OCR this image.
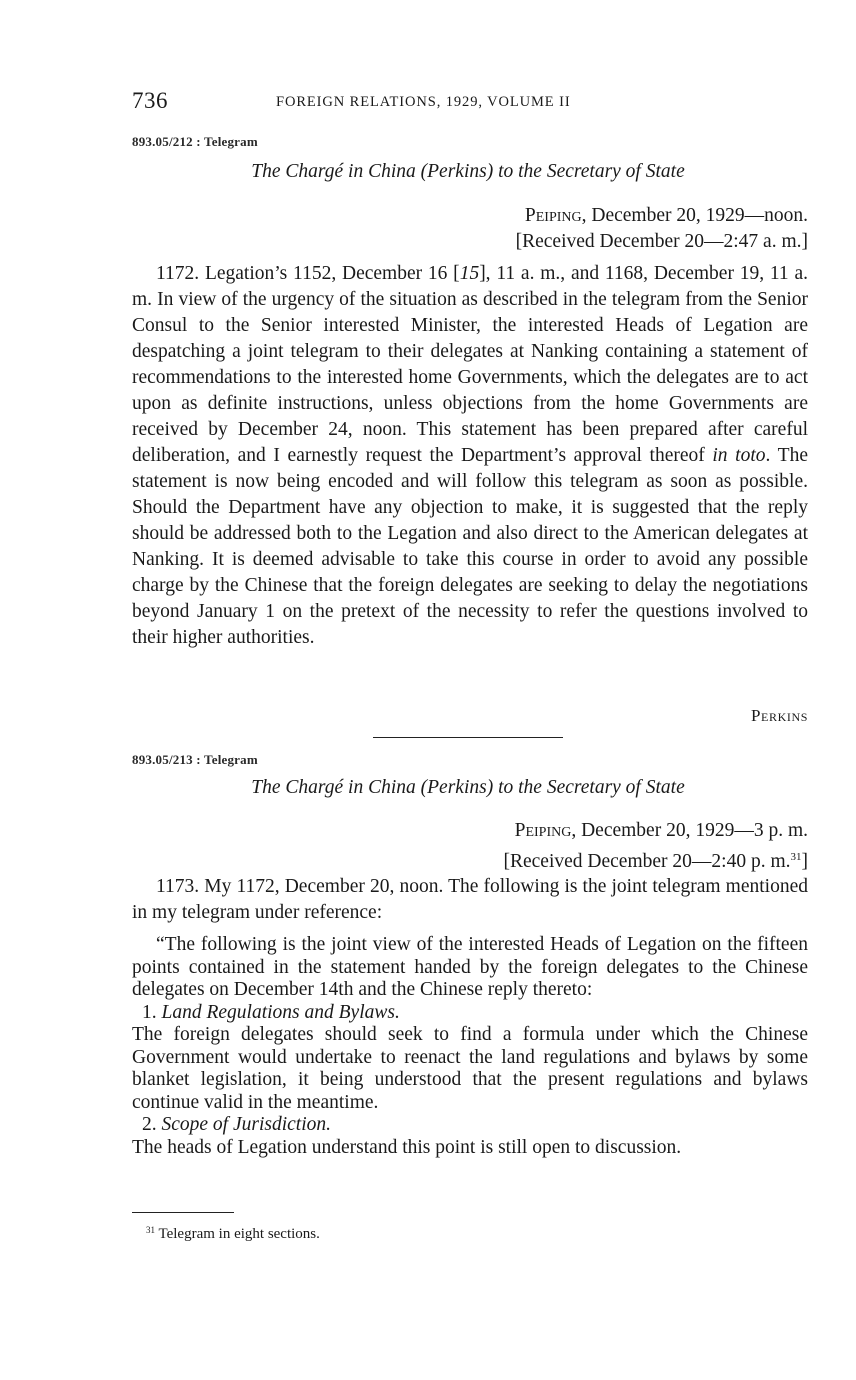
736	FOREIGN RELATIONS, 1929, VOLUME II
893.05/212 : Telegram
The Chargé in China (Perkins) to the Secretary of State
Peiping, December 20, 1929—noon.
[Received December 20—2:47 a. m.]

1172. Legation’s 1152, December 16 [15], 11 a. m., and 1168, December 19, 11 a. m. In view of the urgency of the situation as described in the telegram from the Senior Consul to the Senior interested Minister, the interested Heads of Legation are despatching a joint telegram to their delegates at Nanking containing a statement of recommendations to the interested home Governments, which the delegates are to act upon as definite instructions, unless objections from the home Governments are received by December 24, noon. This statement has been prepared after careful deliberation, and I earnestly request the Department’s approval thereof in toto. The statement is now being encoded and will follow this telegram as soon as possible. Should the Department have any objection to make, it is suggested that the reply should be addressed both to the Legation and also direct to the American delegates at Nanking. It is deemed advisable to take this course in order to avoid any possible charge by the Chinese that the foreign delegates are seeking to delay the negotiations beyond January 1 on the pretext of the necessity to refer the questions involved to their higher authorities.

Perkins
893.05/213 : Telegram
The Chargé in China (Perkins) to the Secretary of State
Peiping, December 20, 1929—3 p. m.
[Received December 20—2:40 p. m.$^{31}$]

1173. My 1172, December 20, noon. The following is the joint telegram mentioned in my telegram under reference:

“The following is the joint view of the interested Heads of Legation on the fifteen points contained in the statement handed by the foreign delegates to the Chinese delegates on December 14th and the Chinese reply thereto:

1. Land Regulations and Bylaws.

The foreign delegates should seek to find a formula under which the Chinese Government would undertake to reenact the land regulations and bylaws by some blanket legislation, it being understood that the present regulations and bylaws continue valid in the meantime.

2. Scope of Jurisdiction.

The heads of Legation understand this point is still open to discussion.

$^{31}$ Telegram in eight sections.
